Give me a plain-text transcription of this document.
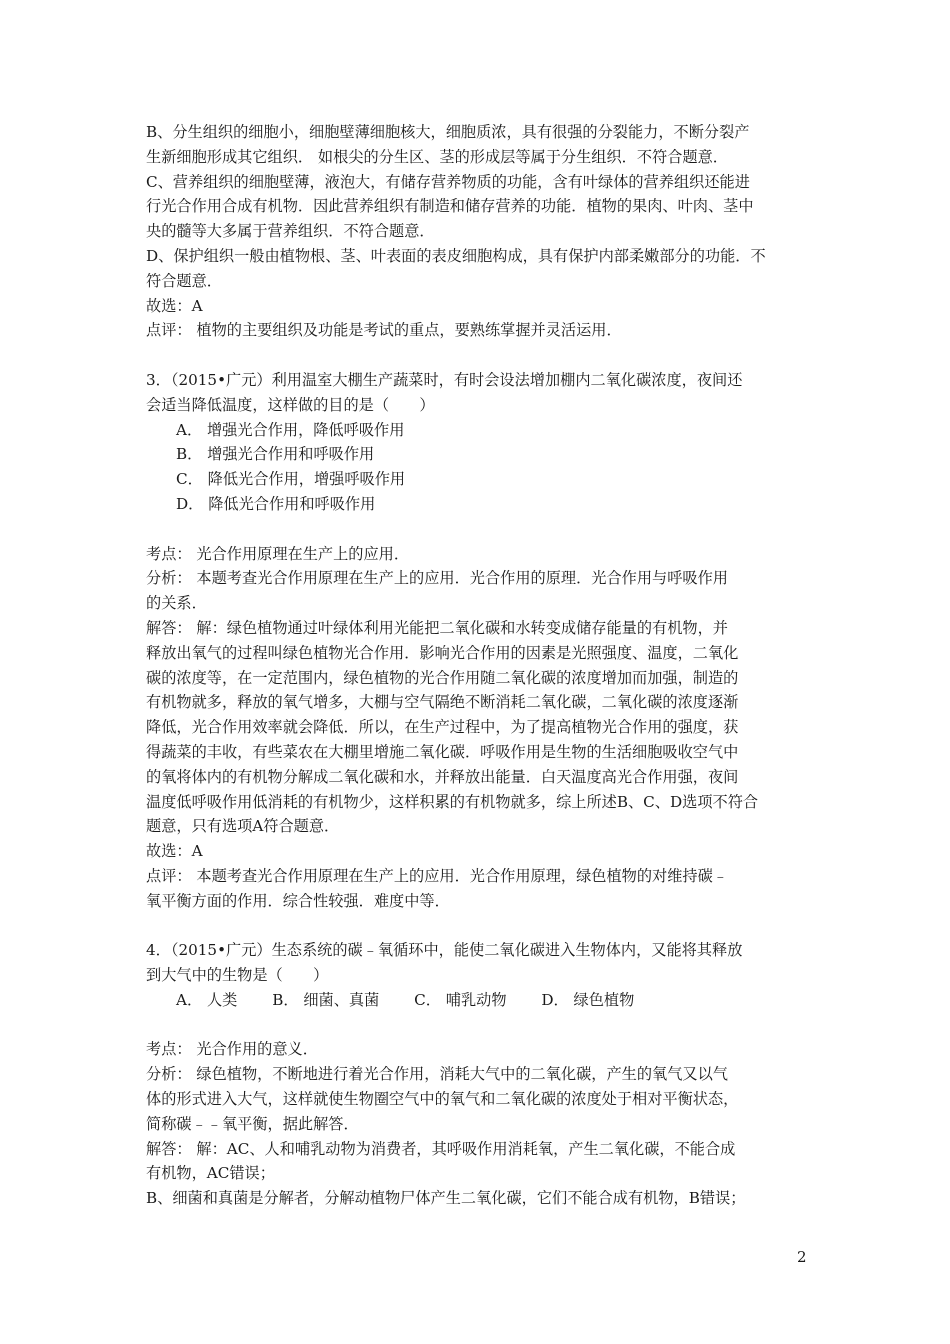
B、分生组织的细胞小，细胞壁薄细胞核大，细胞质浓，具有很强的分裂能力，不断分裂产
生新细胞形成其它组织． 如根尖的分生区、茎的形成层等属于分生组织．不符合题意．
C、营养组织的细胞壁薄，液泡大，有储存营养物质的功能，含有叶绿体的营养组织还能进
行光合作用合成有机物．因此营养组织有制造和储存营养的功能．植物的果肉、叶肉、茎中
央的髓等大多属于营养组织．不符合题意．
D、保护组织一般由植物根、茎、叶表面的表皮细胞构成，具有保护内部柔嫩部分的功能．不
符合题意．
故选：A
点评： 植物的主要组织及功能是考试的重点，要熟练掌握并灵活运用．
3．（2015•广元）利用温室大棚生产蔬菜时，有时会设法增加棚内二氧化碳浓度，夜间还
会适当降低温度，这样做的目的是（　　）
A． 增强光合作用，降低呼吸作用
B． 增强光合作用和呼吸作用
C． 降低光合作用，增强呼吸作用
D． 降低光合作用和呼吸作用
考点： 光合作用原理在生产上的应用．
分析： 本题考查光合作用原理在生产上的应用．光合作用的原理．光合作用与呼吸作用
的关系．
解答： 解：绿色植物通过叶绿体利用光能把二氧化碳和水转变成储存能量的有机物，并
释放出氧气的过程叫绿色植物光合作用．影响光合作用的因素是光照强度、温度，二氧化
碳的浓度等，在一定范围内，绿色植物的光合作用随二氧化碳的浓度增加而加强，制造的
有机物就多，释放的氧气增多，大棚与空气隔绝不断消耗二氧化碳，二氧化碳的浓度逐渐
降低，光合作用效率就会降低．所以，在生产过程中，为了提高植物光合作用的强度，获
得蔬菜的丰收，有些菜农在大棚里增施二氧化碳．呼吸作用是生物的生活细胞吸收空气中
的氧将体内的有机物分解成二氧化碳和水，并释放出能量．白天温度高光合作用强，夜间
温度低呼吸作用低消耗的有机物少，这样积累的有机物就多，综上所述B、C、D选项不符合
题意，只有选项A符合题意．
故选：A
点评： 本题考查光合作用原理在生产上的应用．光合作用原理，绿色植物的对维持碳﹣
氧平衡方面的作用．综合性较强．难度中等．
4．（2015•广元）生态系统的碳﹣氧循环中，能使二氧化碳进入生物体内，又能将其释放
到大气中的生物是（　　）
A． 人类 B． 细菌、真菌 C． 哺乳动物 D． 绿色植物
考点： 光合作用的意义．
分析： 绿色植物，不断地进行着光合作用，消耗大气中的二氧化碳，产生的氧气又以气
体的形式进入大气，这样就使生物圈空气中的氧气和二氧化碳的浓度处于相对平衡状态，
简称碳﹣﹣氧平衡，据此解答．
解答： 解：AC、人和哺乳动物为消费者，其呼吸作用消耗氧，产生二氧化碳，不能合成
有机物，AC错误；
B、细菌和真菌是分解者，分解动植物尸体产生二氧化碳，它们不能合成有机物，B错误；
2
